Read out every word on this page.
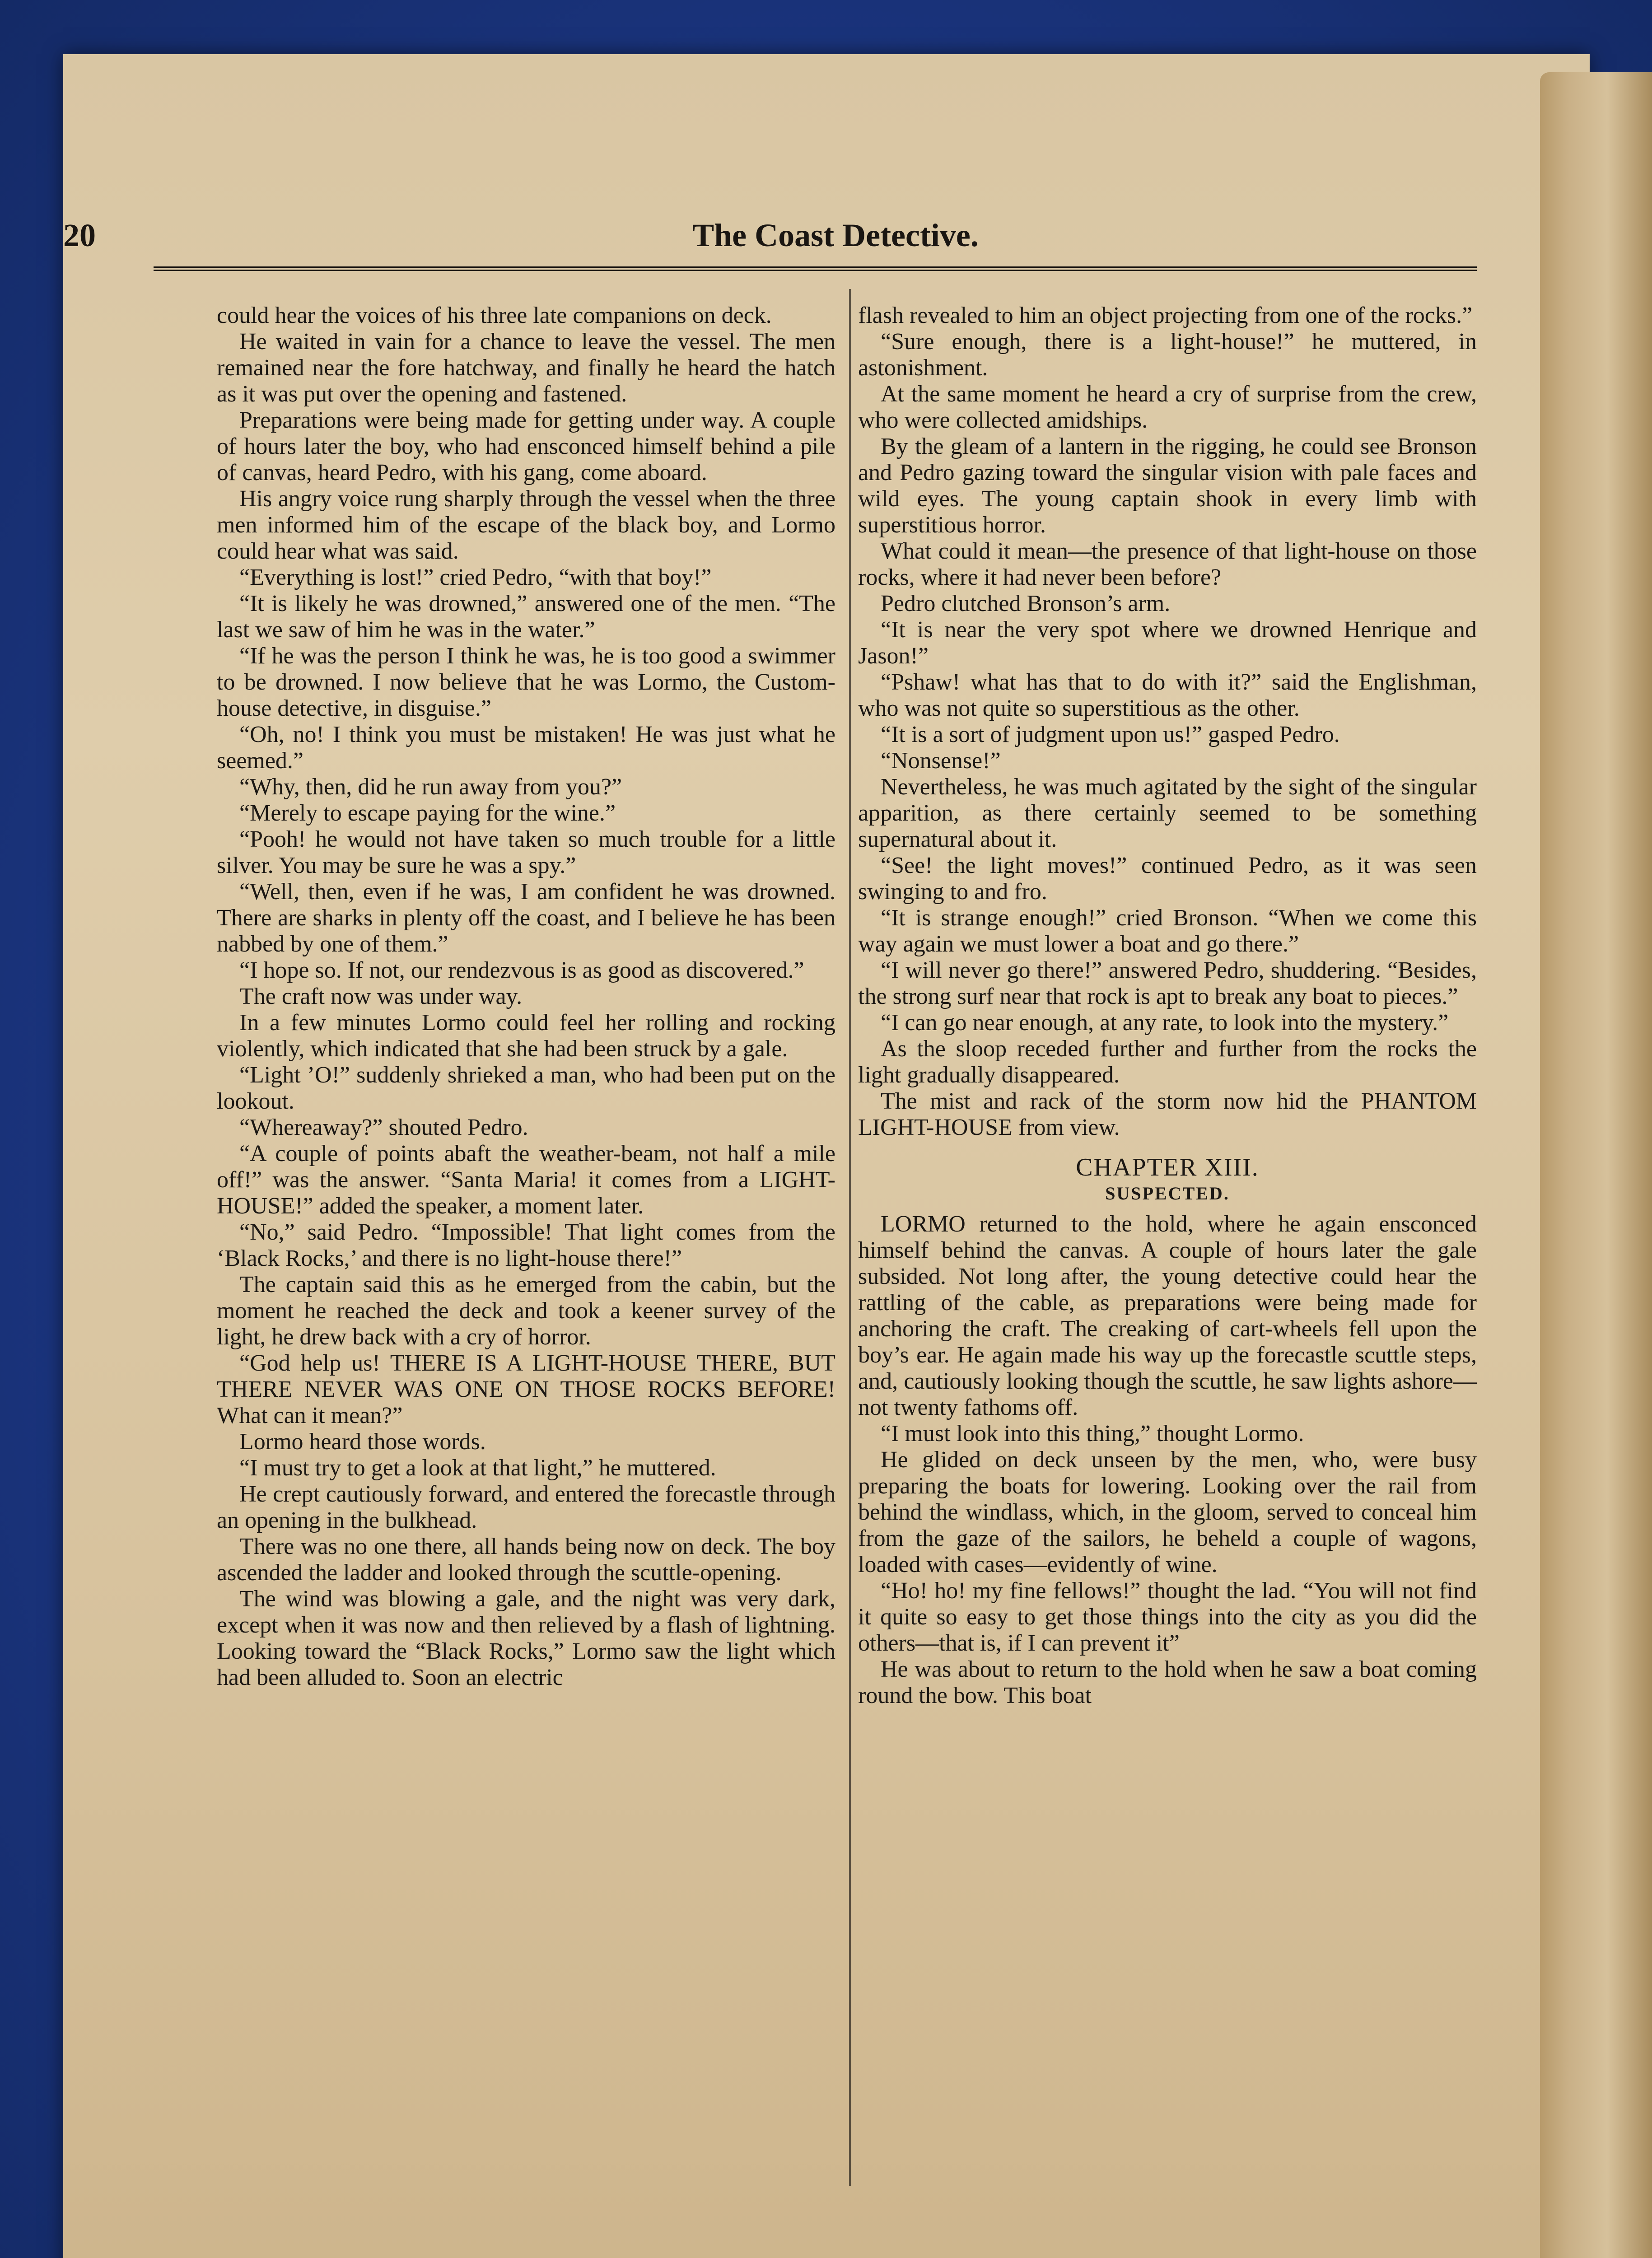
20	The Coast Detective.

could hear the voices of his three late companions on deck.

He waited in vain for a chance to leave the vessel. The men remained near the fore hatchway, and finally he heard the hatch as it was put over the opening and fastened.

Preparations were being made for getting under way. A couple of hours later the boy, who had ensconced himself behind a pile of canvas, heard Pedro, with his gang, come aboard.

His angry voice rung sharply through the vessel when the three men informed him of the escape of the black boy, and Lormo could hear what was said.

“Everything is lost!” cried Pedro, “with that boy!”

“It is likely he was drowned,” answered one of the men. “The last we saw of him he was in the water.”

“If he was the person I think he was, he is too good a swimmer to be drowned. I now believe that he was Lormo, the Custom-house detective, in disguise.”

“Oh, no! I think you must be mistaken! He was just what he seemed.”

“Why, then, did he run away from you?”

“Merely to escape paying for the wine.”

“Pooh! he would not have taken so much trouble for a little silver. You may be sure he was a spy.”

“Well, then, even if he was, I am confident he was drowned. There are sharks in plenty off the coast, and I believe he has been nabbed by one of them.”

“I hope so. If not, our rendezvous is as good as discovered.”

The craft now was under way.

In a few minutes Lormo could feel her rolling and rocking violently, which indicated that she had been struck by a gale.

“Light ’O!” suddenly shrieked a man, who had been put on the lookout.

“Whereaway?” shouted Pedro.

“A couple of points abaft the weather-beam, not half a mile off!” was the answer. “Santa Maria! it comes from a LIGHT-HOUSE!” added the speaker, a moment later.

“No,” said Pedro. “Impossible! That light comes from the ‘Black Rocks,’ and there is no light-house there!”

The captain said this as he emerged from the cabin, but the moment he reached the deck and took a keener survey of the light, he drew back with a cry of horror.

“God help us! THERE IS A LIGHT-HOUSE THERE, BUT THERE NEVER WAS ONE ON THOSE ROCKS BEFORE! What can it mean?”

Lormo heard those words.

“I must try to get a look at that light,” he muttered.

He crept cautiously forward, and entered the forecastle through an opening in the bulkhead.

There was no one there, all hands being now on deck. The boy ascended the ladder and looked through the scuttle-opening.

The wind was blowing a gale, and the night was very dark, except when it was now and then relieved by a flash of lightning. Looking toward the “Black Rocks,” Lormo saw the light which had been alluded to. Soon an electric

flash revealed to him an object projecting from one of the rocks.”

“Sure enough, there is a light-house!” he muttered, in astonishment.

At the same moment he heard a cry of surprise from the crew, who were collected amidships.

By the gleam of a lantern in the rigging, he could see Bronson and Pedro gazing toward the singular vision with pale faces and wild eyes. The young captain shook in every limb with superstitious horror.

What could it mean—the presence of that light-house on those rocks, where it had never been before?

Pedro clutched Bronson’s arm.

“It is near the very spot where we drowned Henrique and Jason!”

“Pshaw! what has that to do with it?” said the Englishman, who was not quite so superstitious as the other.

“It is a sort of judgment upon us!” gasped Pedro.

“Nonsense!”

Nevertheless, he was much agitated by the sight of the singular apparition, as there certainly seemed to be something supernatural about it.

“See! the light moves!” continued Pedro, as it was seen swinging to and fro.

“It is strange enough!” cried Bronson. “When we come this way again we must lower a boat and go there.”

“I will never go there!” answered Pedro, shuddering. “Besides, the strong surf near that rock is apt to break any boat to pieces.”

“I can go near enough, at any rate, to look into the mystery.”

As the sloop receded further and further from the rocks the light gradually disappeared.

The mist and rack of the storm now hid the PHANTOM LIGHT-HOUSE from view.

CHAPTER XIII.
SUSPECTED.

LORMO returned to the hold, where he again ensconced himself behind the canvas. A couple of hours later the gale subsided. Not long after, the young detective could hear the rattling of the cable, as preparations were being made for anchoring the craft. The creaking of cart-wheels fell upon the boy’s ear. He again made his way up the forecastle scuttle steps, and, cautiously looking though the scuttle, he saw lights ashore—not twenty fathoms off.

“I must look into this thing,” thought Lormo.

He glided on deck unseen by the men, who, were busy preparing the boats for lowering. Looking over the rail from behind the windlass, which, in the gloom, served to conceal him from the gaze of the sailors, he beheld a couple of wagons, loaded with cases—evidently of wine.

“Ho! ho! my fine fellows!” thought the lad. “You will not find it quite so easy to get those things into the city as you did the others—that is, if I can prevent it”

He was about to return to the hold when he saw a boat coming round the bow. This boat
